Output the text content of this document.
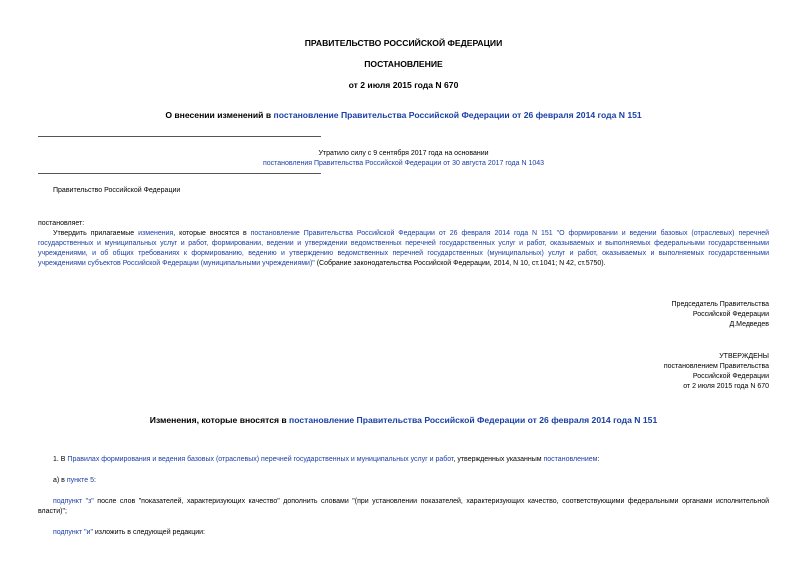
ПРАВИТЕЛЬСТВО РОССИЙСКОЙ ФЕДЕРАЦИИ
ПОСТАНОВЛЕНИЕ
от 2 июля 2015 года N 670
О внесении изменений в постановление Правительства Российской Федерации от 26 февраля 2014 года N 151
Утратило силу с 9 сентября 2017 года на основании
постановления Правительства Российской Федерации от 30 августа 2017 года N 1043
Правительство Российской Федерации
постановляет:
Утвердить прилагаемые изменения, которые вносятся в постановление Правительства Российской Федерации от 26 февраля 2014 года N 151 "О формировании и ведении базовых (отраслевых) перечней государственных и муниципальных услуг и работ, формировании, ведении и утверждении ведомственных перечней государственных услуг и работ, оказываемых и выполняемых федеральными государственными учреждениями, и об общих требованиях к формированию, ведению и утверждению ведомственных перечней государственных (муниципальных) услуг и работ, оказываемых и выполняемых государственными учреждениями субъектов Российской Федерации (муниципальными учреждениями)" (Собрание законодательства Российской Федерации, 2014, N 10, ст.1041; N 42, ст.5750).
Председатель Правительства
Российской Федерации
Д.Медведев
УТВЕРЖДЕНЫ
постановлением Правительства
Российской Федерации
от 2 июля 2015 года N 670
Изменения, которые вносятся в постановление Правительства Российской Федерации от 26 февраля 2014 года N 151
1. В Правилах формирования и ведения базовых (отраслевых) перечней государственных и муниципальных услуг и работ, утвержденных указанным постановлением:
а) в пункте 5:
подпункт "з" после слов "показателей, характеризующих качество" дополнить словами "(при установлении показателей, характеризующих качество, соответствующими федеральными органами исполнительной власти)";
подпункт "и" изложить в следующей редакции:
